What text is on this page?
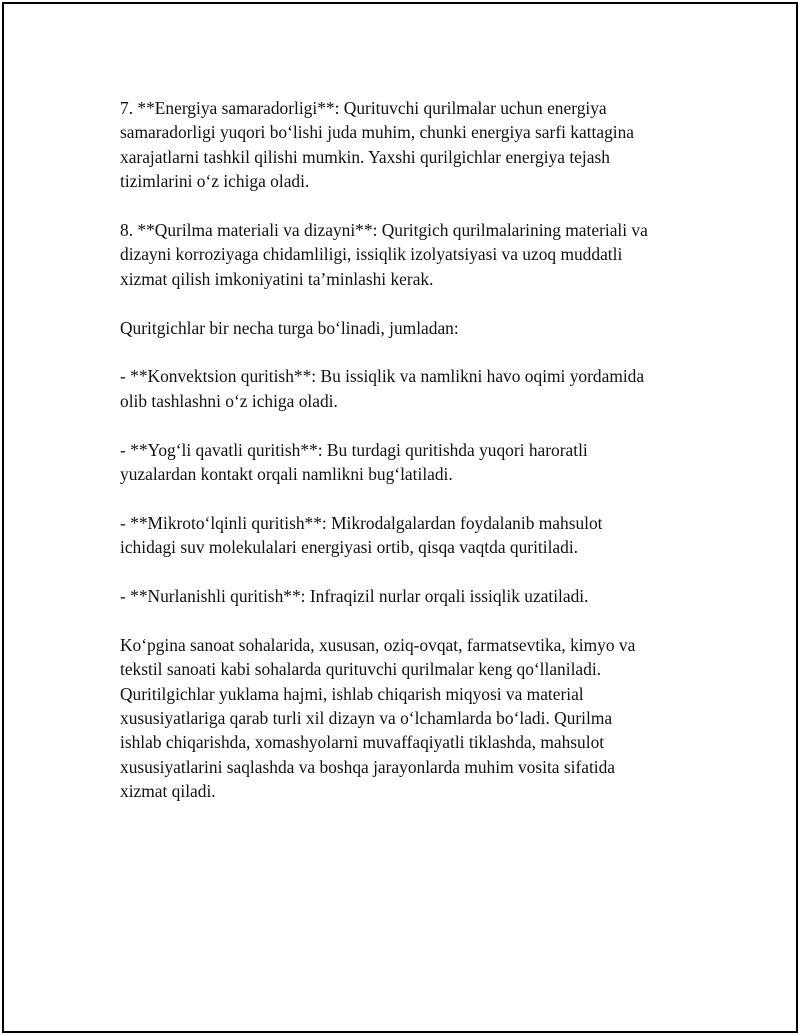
7. **Energiya samaradorligi**: Qurituvchi qurilmalar uchun energiya
samaradorligi yuqori bo‘lishi juda muhim, chunki energiya sarfi kattagina
xarajatlarni tashkil qilishi mumkin. Yaxshi qurilgichlar energiya tejash
tizimlarini o‘z ichiga oladi.

8. **Qurilma materiali va dizayni**: Quritgich qurilmalarining materiali va
dizayni korroziyaga chidamliligi, issiqlik izolyatsiyasi va uzoq muddatli
xizmat qilish imkoniyatini ta’minlashi kerak.

Quritgichlar bir necha turga bo‘linadi, jumladan:

- **Konvektsion quritish**: Bu issiqlik va namlikni havo oqimi yordamida
olib tashlashni o‘z ichiga oladi.

- **Yog‘li qavatli quritish**: Bu turdagi quritishda yuqori haroratli
yuzalardan kontakt orqali namlikni bug‘latiladi.

- **Mikroto‘lqinli quritish**: Mikrodalgalardan foydalanib mahsulot
ichidagi suv molekulalari energiyasi ortib, qisqa vaqtda quritiladi.

- **Nurlanishli quritish**: Infraqizil nurlar orqali issiqlik uzatiladi.

Ko‘pgina sanoat sohalarida, xususan, oziq-ovqat, farmatsevtika, kimyo va
tekstil sanoati kabi sohalarda qurituvchi qurilmalar keng qo‘llaniladi.
Quritilgichlar yuklama hajmi, ishlab chiqarish miqyosi va material
xususiyatlariga qarab turli xil dizayn va o‘lchamlarda bo‘ladi. Qurilma
ishlab chiqarishda, xomashyolarni muvaffaqiyatli tiklashda, mahsulot
xususiyatlarini saqlashda va boshqa jarayonlarda muhim vosita sifatida
xizmat qiladi.
